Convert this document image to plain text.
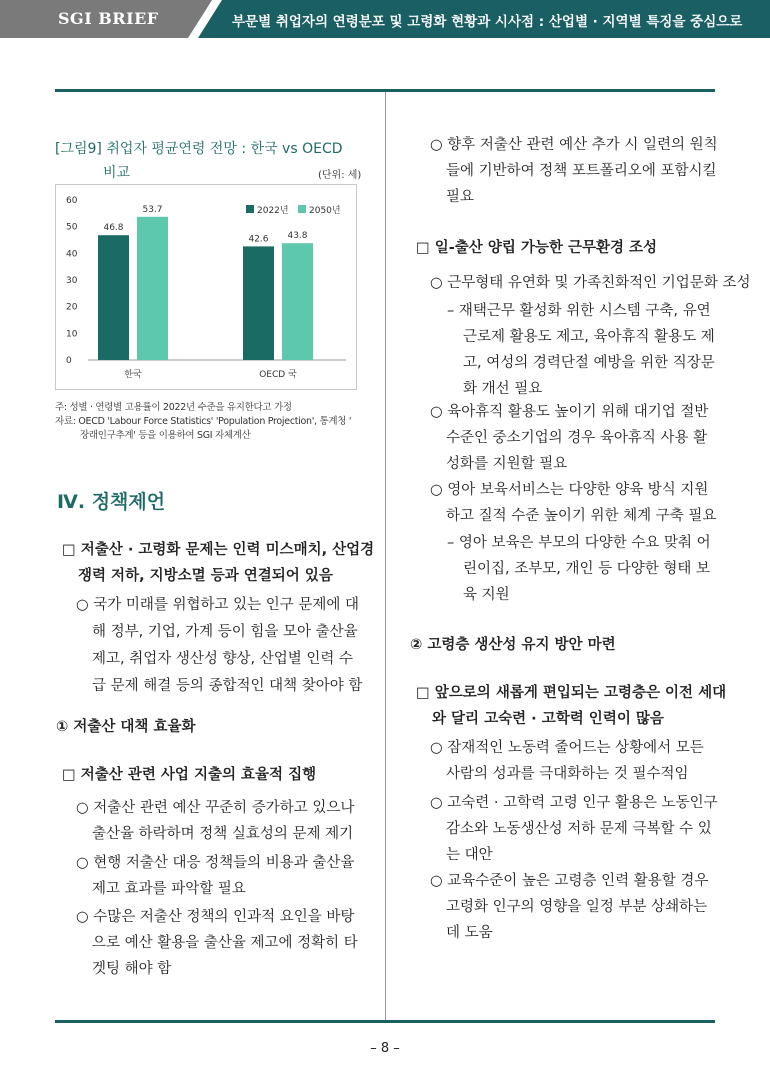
SGI BRIEF	부문별 취업자의 연령분포 및 고령화 현황과 시사점 : 산업별 · 지역별 특징을 중심으로
[그림9] 취업자 평균연령 전망 : 한국 vs OECD
비교	(단위: 세)
0
10
20
30
40
50
60
46.8
53.7
한국
42.6 43.8
OECD 국
2022년 2050년
주: 성별 · 연령별 고용률이 2022년 수준을 유지한다고 가정
자료: OECD 'Labour Force Statistics' 'Population Projection', 통계청 '
장래인구추계' 등을 이용하여 SGI 자체계산
Ⅳ. 정책제언
□ 저출산 · 고령화 문제는 인력 미스매치, 산업경
쟁력 저하, 지방소멸 등과 연결되어 있음
○ 국가 미래를 위협하고 있는 인구 문제에 대
해 정부, 기업, 가계 등이 힘을 모아 출산율
제고, 취업자 생산성 향상, 산업별 인력 수
급 문제 해결 등의 종합적인 대책 찾아야 함
① 저출산 대책 효율화
□ 저출산 관련 사업 지출의 효율적 집행
○ 저출산 관련 예산 꾸준히 증가하고 있으나
출산율 하락하며 정책 실효성의 문제 제기
○ 현행 저출산 대응 정책들의 비용과 출산율
제고 효과를 파악할 필요
○ 수많은 저출산 정책의 인과적 요인을 바탕
으로 예산 활용을 출산율 제고에 정확히 타
겟팅 해야 함
○ 향후 저출산 관련 예산 추가 시 일련의 원칙
들에 기반하여 정책 포트폴리오에 포함시킬
필요
□ 일-출산 양립 가능한 근무환경 조성
○ 근무형태 유연화 및 가족친화적인 기업문화 조성
– 재택근무 활성화 위한 시스템 구축, 유연
근로제 활용도 제고, 육아휴직 활용도 제
고, 여성의 경력단절 예방을 위한 직장문
화 개선 필요
○ 육아휴직 활용도 높이기 위해 대기업 절반
수준인 중소기업의 경우 육아휴직 사용 활
성화를 지원할 필요
○ 영아 보육서비스는 다양한 양육 방식 지원
하고 질적 수준 높이기 위한 체계 구축 필요
– 영아 보육은 부모의 다양한 수요 맞춰 어
린이집, 조부모, 개인 등 다양한 형태 보
육 지원
② 고령층 생산성 유지 방안 마련
□ 앞으로의 새롭게 편입되는 고령층은 이전 세대
와 달리 고숙련 · 고학력 인력이 많음
○ 잠재적인 노동력 줄어드는 상황에서 모든
사람의 성과를 극대화하는 것 필수적임
○ 고숙련 · 고학력 고령 인구 활용은 노동인구
감소와 노동생산성 저하 문제 극복할 수 있
는 대안
○ 교육수준이 높은 고령층 인력 활용할 경우
고령화 인구의 영향을 일정 부분 상쇄하는
데 도움
– 8 –
